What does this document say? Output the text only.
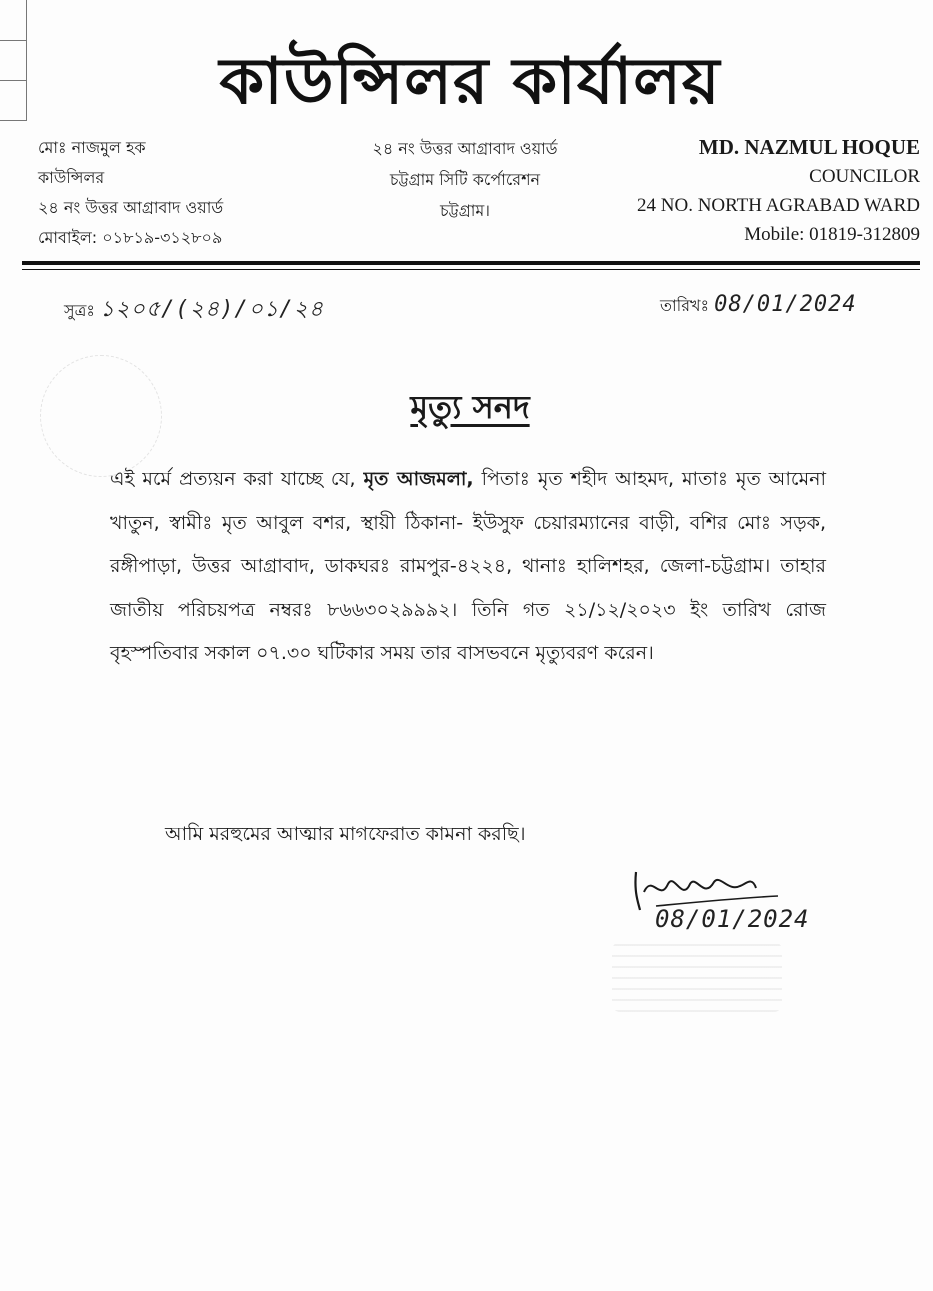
কাউন্সিলর কার্যালয়
মোঃ নাজমুল হক
কাউন্সিলর
২৪ নং উত্তর আগ্রাবাদ ওয়ার্ড
মোবাইল: ০১৮১৯-৩১২৮০৯
২৪ নং উত্তর আগ্রাবাদ ওয়ার্ড
চট্টগ্রাম সিটি কর্পোরেশন
চট্টগ্রাম।
MD. NAZMUL HOQUE
COUNCILOR
24 NO. NORTH AGRABAD WARD
Mobile: 01819-312809
সুত্রঃ ১২০৫/(২৪)/০১/২৪	তারিখঃ 08/01/2024
মৃত্যু সনদ
এই মর্মে প্রত্যয়ন করা যাচ্ছে যে, মৃত আজমলা, পিতাঃ মৃত শহীদ আহমদ, মাতাঃ মৃত আমেনা খাতুন, স্বামীঃ মৃত আবুল বশর, স্থায়ী ঠিকানা- ইউসুফ চেয়ারম্যানের বাড়ী, বশির মোঃ সড়ক, রঙ্গীপাড়া, উত্তর আগ্রাবাদ, ডাকঘরঃ রামপুর-৪২২৪, থানাঃ হালিশহর, জেলা-চট্টগ্রাম। তাহার জাতীয় পরিচয়পত্র নম্বরঃ ৮৬৬৩০২৯৯৯২। তিনি গত ২১/১২/২০২৩ ইং তারিখ রোজ বৃহস্পতিবার সকাল ০৭.৩০ ঘটিকার সময় তার বাসভবনে মৃত্যুবরণ করেন।
আমি মরহুমের আত্মার মাগফেরাত কামনা করছি।
08/01/2024
